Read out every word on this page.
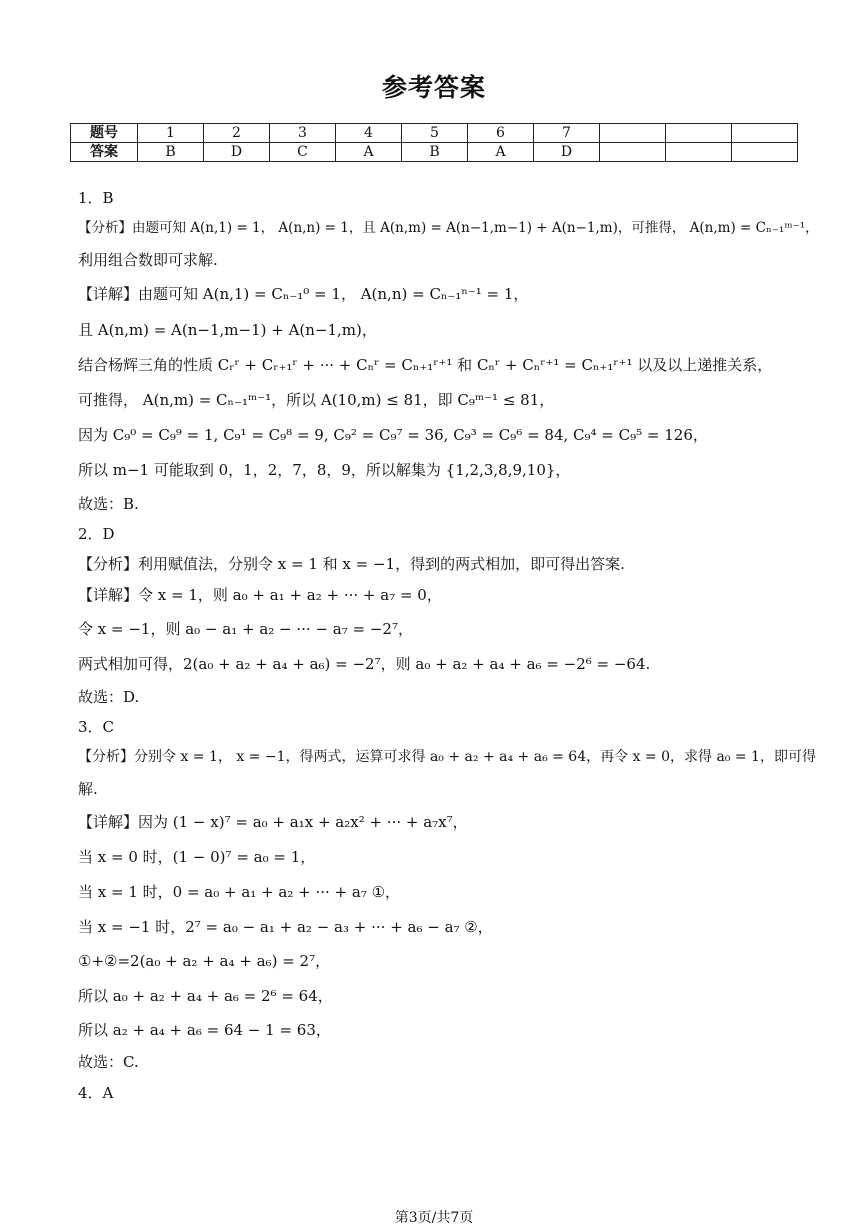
参考答案
题号	1	2	3	4	5	6	7			
答案	B	D	C	A	B	A	D			
1．B
【分析】由题可知 A(n,1) = 1， A(n,n) = 1，且 A(n,m) = A(n−1,m−1) + A(n−1,m)，可推得， A(n,m) = Cₙ₋₁ᵐ⁻¹，
利用组合数即可求解.
【详解】由题可知 A(n,1) = Cₙ₋₁⁰ = 1， A(n,n) = Cₙ₋₁ⁿ⁻¹ = 1，
且 A(n,m) = A(n−1,m−1) + A(n−1,m)，
结合杨辉三角的性质 Cᵣʳ + Cᵣ₊₁ʳ + ··· + Cₙʳ = Cₙ₊₁ʳ⁺¹ 和 Cₙʳ + Cₙʳ⁺¹ = Cₙ₊₁ʳ⁺¹ 以及以上递推关系，
可推得， A(n,m) = Cₙ₋₁ᵐ⁻¹，所以 A(10,m) ≤ 81，即 C₉ᵐ⁻¹ ≤ 81，
因为 C₉⁰ = C₉⁹ = 1, C₉¹ = C₉⁸ = 9, C₉² = C₉⁷ = 36, C₉³ = C₉⁶ = 84, C₉⁴ = C₉⁵ = 126，
所以 m−1 可能取到 0，1，2，7，8，9，所以解集为 {1,2,3,8,9,10}，
故选：B.
2．D
【分析】利用赋值法，分别令 x = 1 和 x = −1，得到的两式相加，即可得出答案.
【详解】令 x = 1，则 a₀ + a₁ + a₂ + ··· + a₇ = 0，
令 x = −1，则 a₀ − a₁ + a₂ − ··· − a₇ = −2⁷，
两式相加可得，2(a₀ + a₂ + a₄ + a₆) = −2⁷，则 a₀ + a₂ + a₄ + a₆ = −2⁶ = −64.
故选：D.
3．C
【分析】分别令 x = 1， x = −1，得两式，运算可求得 a₀ + a₂ + a₄ + a₆ = 64，再令 x = 0，求得 a₀ = 1，即可得
解.
【详解】因为 (1 − x)⁷ = a₀ + a₁x + a₂x² + ··· + a₇x⁷，
当 x = 0 时，(1 − 0)⁷ = a₀ = 1，
当 x = 1 时，0 = a₀ + a₁ + a₂ + ··· + a₇ ①，
当 x = −1 时，2⁷ = a₀ − a₁ + a₂ − a₃ + ··· + a₆ − a₇ ②，
①+②=2(a₀ + a₂ + a₄ + a₆) = 2⁷，
所以 a₀ + a₂ + a₄ + a₆ = 2⁶ = 64，
所以 a₂ + a₄ + a₆ = 64 − 1 = 63，
故选：C.
4．A
第3页/共7页
